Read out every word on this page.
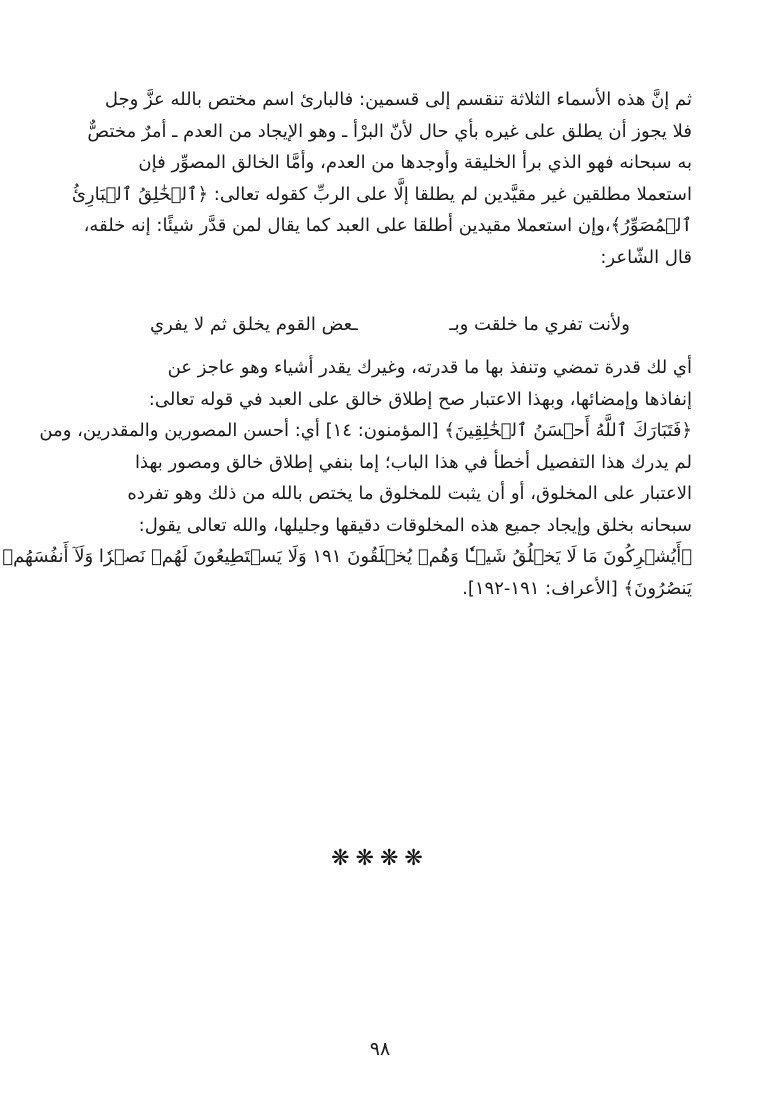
ثم إنَّ هذه الأسماء الثلاثة تنقسم إلى قسمين: فالبارئ اسم مختص بالله عزَّ وجل
فلا يجوز أن يطلق على غيره بأي حال لأنّ البرْأ ـ وهو الإيجاد من العدم ـ أمرٌ مختصٌّ
به سبحانه فهو الذي برأ الخليقة وأوجدها من العدم، وأمَّا الخالق المصوِّر فإن
استعملا مطلقين غير مقيَّدين لم يطلقا إلَّا على الربِّ كقوله تعالى: ﴿ٱلۡخَٰلِقُ ٱلۡبَارِئُ
ٱلۡمُصَوِّرُ﴾،وإن استعملا مقيدين أطلقا على العبد كما يقال لمن قدَّر شيئًا: إنه خلقه،
قال الشّاعر:
ولأنت تفري ما خلقت وبـ
ـعض القوم يخلق ثم لا يفري
أي لك قدرة تمضي وتنفذ بها ما قدرته، وغيرك يقدر أشياء وهو عاجز عن
إنفاذها وإمضائها، وبهذا الاعتبار صح إطلاق خالق على العبد في قوله تعالى:
﴿فَتَبَارَكَ ٱللَّهُ أَحۡسَنُ ٱلۡخَٰلِقِينَ﴾ [المؤمنون: ١٤] أي: أحسن المصورين والمقدرين، ومن
لم يدرك هذا التفصيل أخطأ في هذا الباب؛ إما بنفي إطلاق خالق ومصور بهذا
الاعتبار على المخلوق، أو أن يثبت للمخلوق ما يختص بالله من ذلك وهو تفرده
سبحانه بخلق وإيجاد جميع هذه المخلوقات دقيقها وجليلها، والله تعالى يقول:
﴿أَيُشۡرِكُونَ مَا لَا يَخۡلُقُ شَيۡـٔٗا وَهُمۡ يُخۡلَقُونَ ١٩١ وَلَا يَسۡتَطِيعُونَ لَهُمۡ نَصۡرٗا وَلَآ أَنفُسَهُمۡ
يَنصُرُونَ﴾ [الأعراف: ١٩١-١٩٢].
❋❋❋❋
٩٨
